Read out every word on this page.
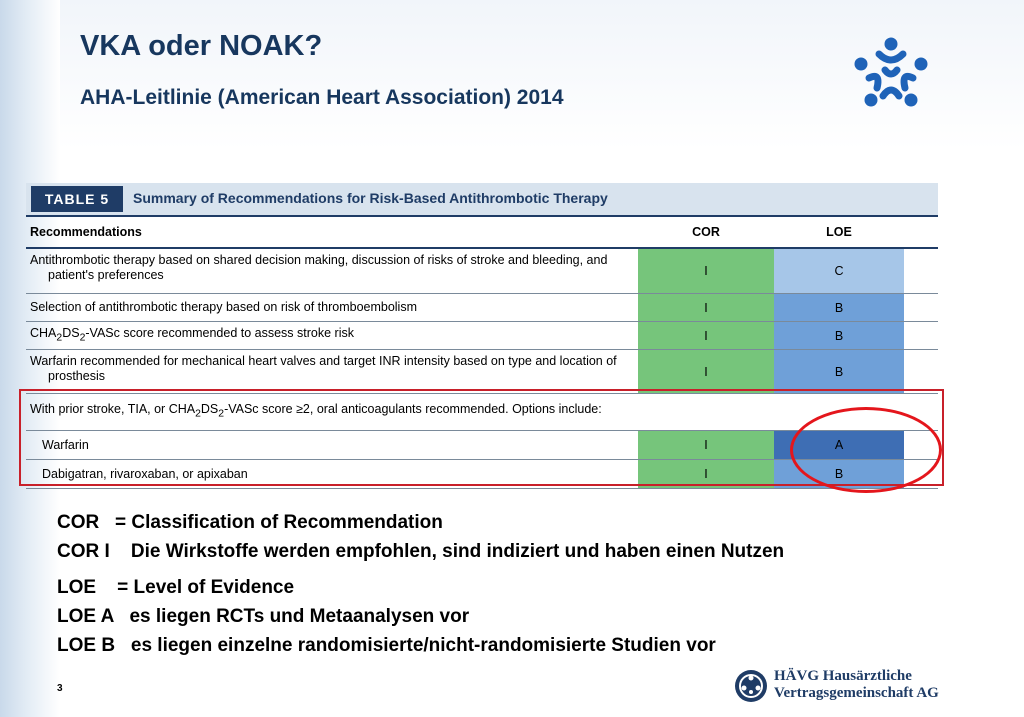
VKA oder NOAK?
AHA-Leitlinie (American Heart Association) 2014
TABLE 5	Summary of Recommendations for Risk-Based Antithrombotic Therapy
Recommendations	COR	LOE
Antithrombotic therapy based on shared decision making, discussion of risks of stroke and bleeding, and patient's preferences	I	C
Selection of antithrombotic therapy based on risk of thromboembolism	I	B
$CHA_2DS_2$-VASc score recommended to assess stroke risk	I	B
Warfarin recommended for mechanical heart valves and target INR intensity based on type and location of prosthesis	I	B
With prior stroke, TIA, or $CHA_2DS_2$-VASc score ≥2, oral anticoagulants recommended. Options include:
Warfarin	I	A
Dabigatran, rivaroxaban, or apixaban	I	B
COR   = Classification of Recommendation
COR I    Die Wirkstoffe werden empfohlen, sind indiziert und haben einen Nutzen
LOE    = Level of Evidence
LOE A   es liegen RCTs und Metaanalysen vor
LOE B   es liegen einzelne randomisierte/nicht-randomisierte Studien vor
3
HÄVG Hausärztliche
Vertragsgemeinschaft AG
